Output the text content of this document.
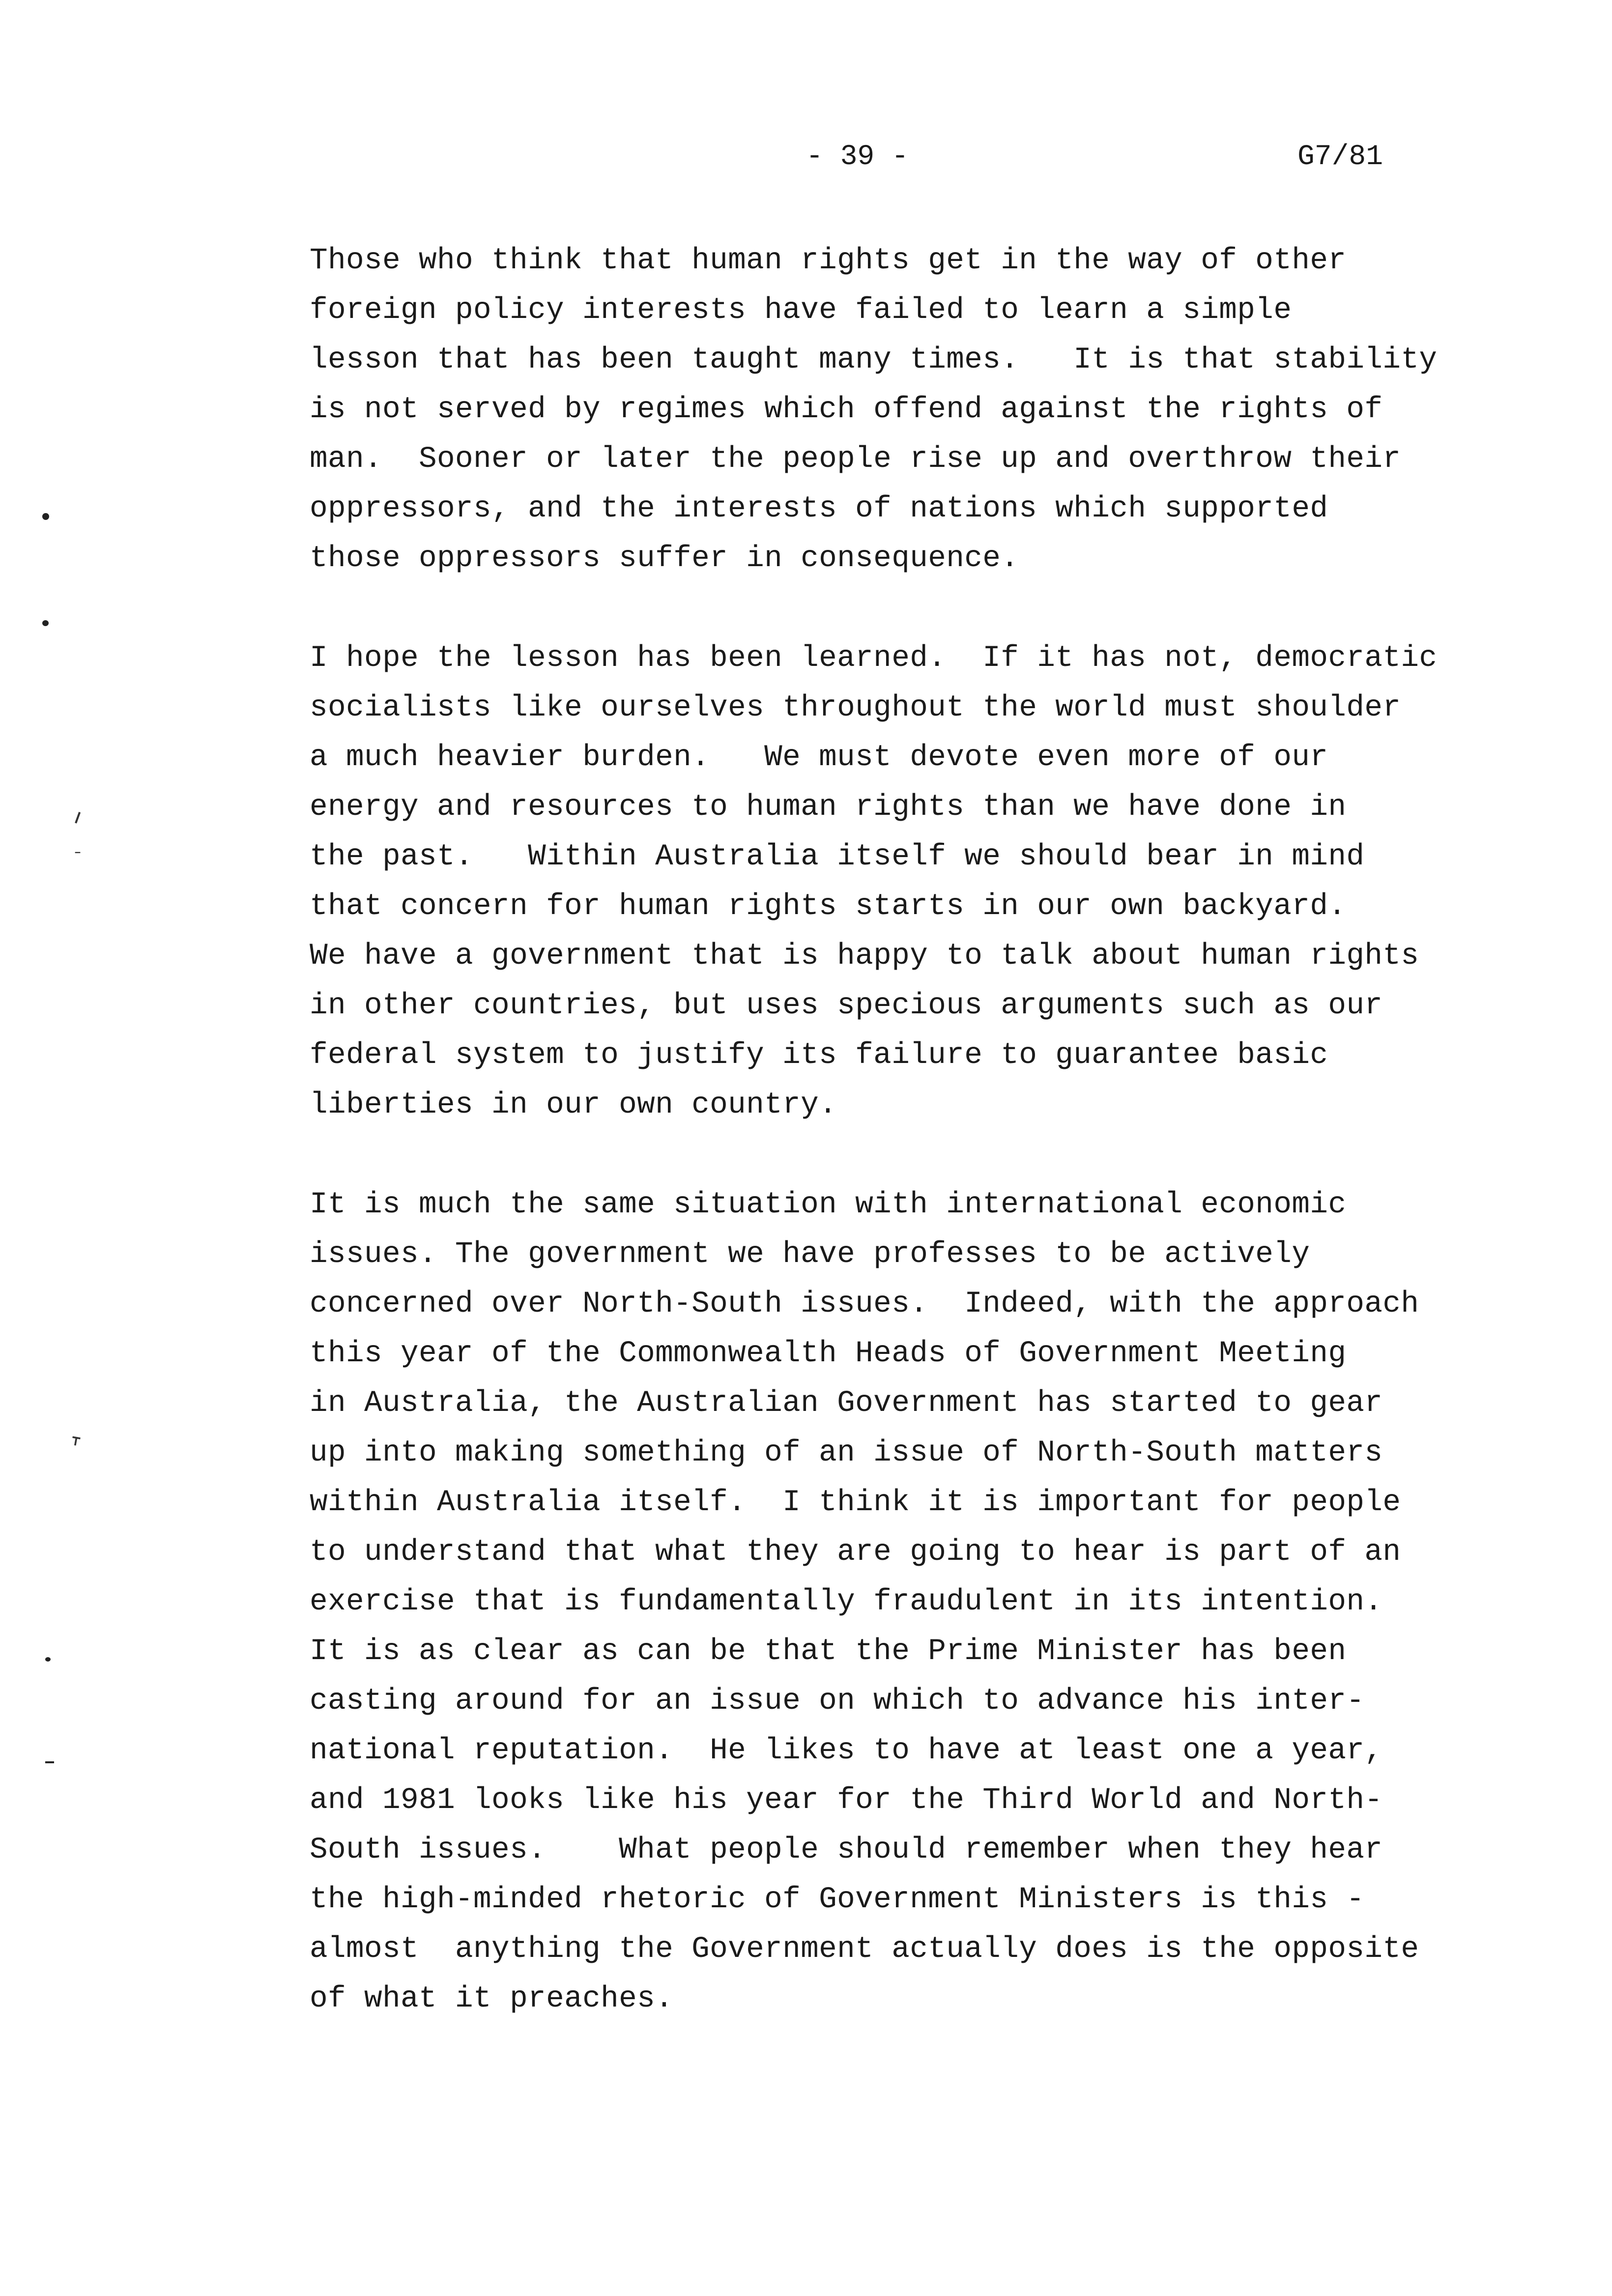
- 39 -	G7/81
ᐟ
ᐨ
ᐪ
Those who think that human rights get in the way of other
foreign policy interests have failed to learn a simple
lesson that has been taught many times.   It is that stability
is not served by regimes which offend against the rights of
man.  Sooner or later the people rise up and overthrow their
oppressors, and the interests of nations which supported
those oppressors suffer in consequence.
I hope the lesson has been learned.  If it has not, democratic
socialists like ourselves throughout the world must shoulder
a much heavier burden.   We must devote even more of our
energy and resources to human rights than we have done in
the past.   Within Australia itself we should bear in mind
that concern for human rights starts in our own backyard.
We have a government that is happy to talk about human rights
in other countries, but uses specious arguments such as our
federal system to justify its failure to guarantee basic
liberties in our own country.
It is much the same situation with international economic
issues. The government we have professes to be actively
concerned over North-South issues.  Indeed, with the approach
this year of the Commonwealth Heads of Government Meeting
in Australia, the Australian Government has started to gear
up into making something of an issue of North-South matters
within Australia itself.  I think it is important for people
to understand that what they are going to hear is part of an
exercise that is fundamentally fraudulent in its intention.
It is as clear as can be that the Prime Minister has been
casting around for an issue on which to advance his inter-
national reputation.  He likes to have at least one a year,
and 1981 looks like his year for the Third World and North-
South issues.    What people should remember when they hear
the high-minded rhetoric of Government Ministers is this -
almost  anything the Government actually does is the opposite
of what it preaches.
